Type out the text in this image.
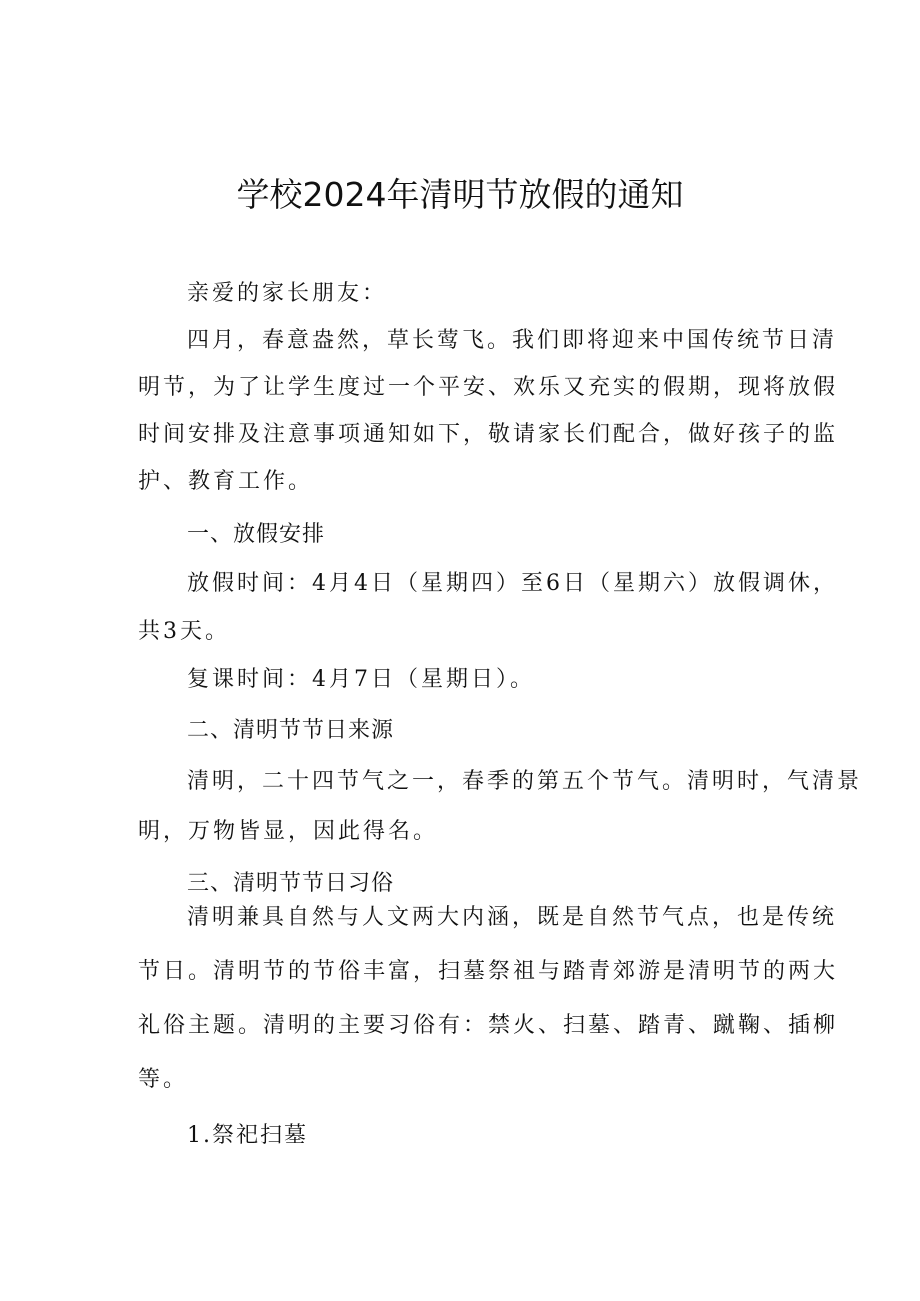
学校2024年清明节放假的通知
亲爱的家长朋友：
四月，春意盎然，草长莺飞。我们即将迎来中国传统节日清
明节，为了让学生度过一个平安、欢乐又充实的假期，现将放假
时间安排及注意事项通知如下，敬请家长们配合，做好孩子的监
护、教育工作。
一、放假安排
放假时间：4月4日（星期四）至6日（星期六）放假调休，
共3天。
复课时间：4月7日（星期日）。
二、清明节节日来源
清明，二十四节气之一，春季的第五个节气。清明时，气清景
明，万物皆显，因此得名。
三、清明节节日习俗
清明兼具自然与人文两大内涵，既是自然节气点，也是传统
节日。清明节的节俗丰富，扫墓祭祖与踏青郊游是清明节的两大
礼俗主题。清明的主要习俗有：禁火、扫墓、踏青、蹴鞠、插柳
等。
1.祭祀扫墓
